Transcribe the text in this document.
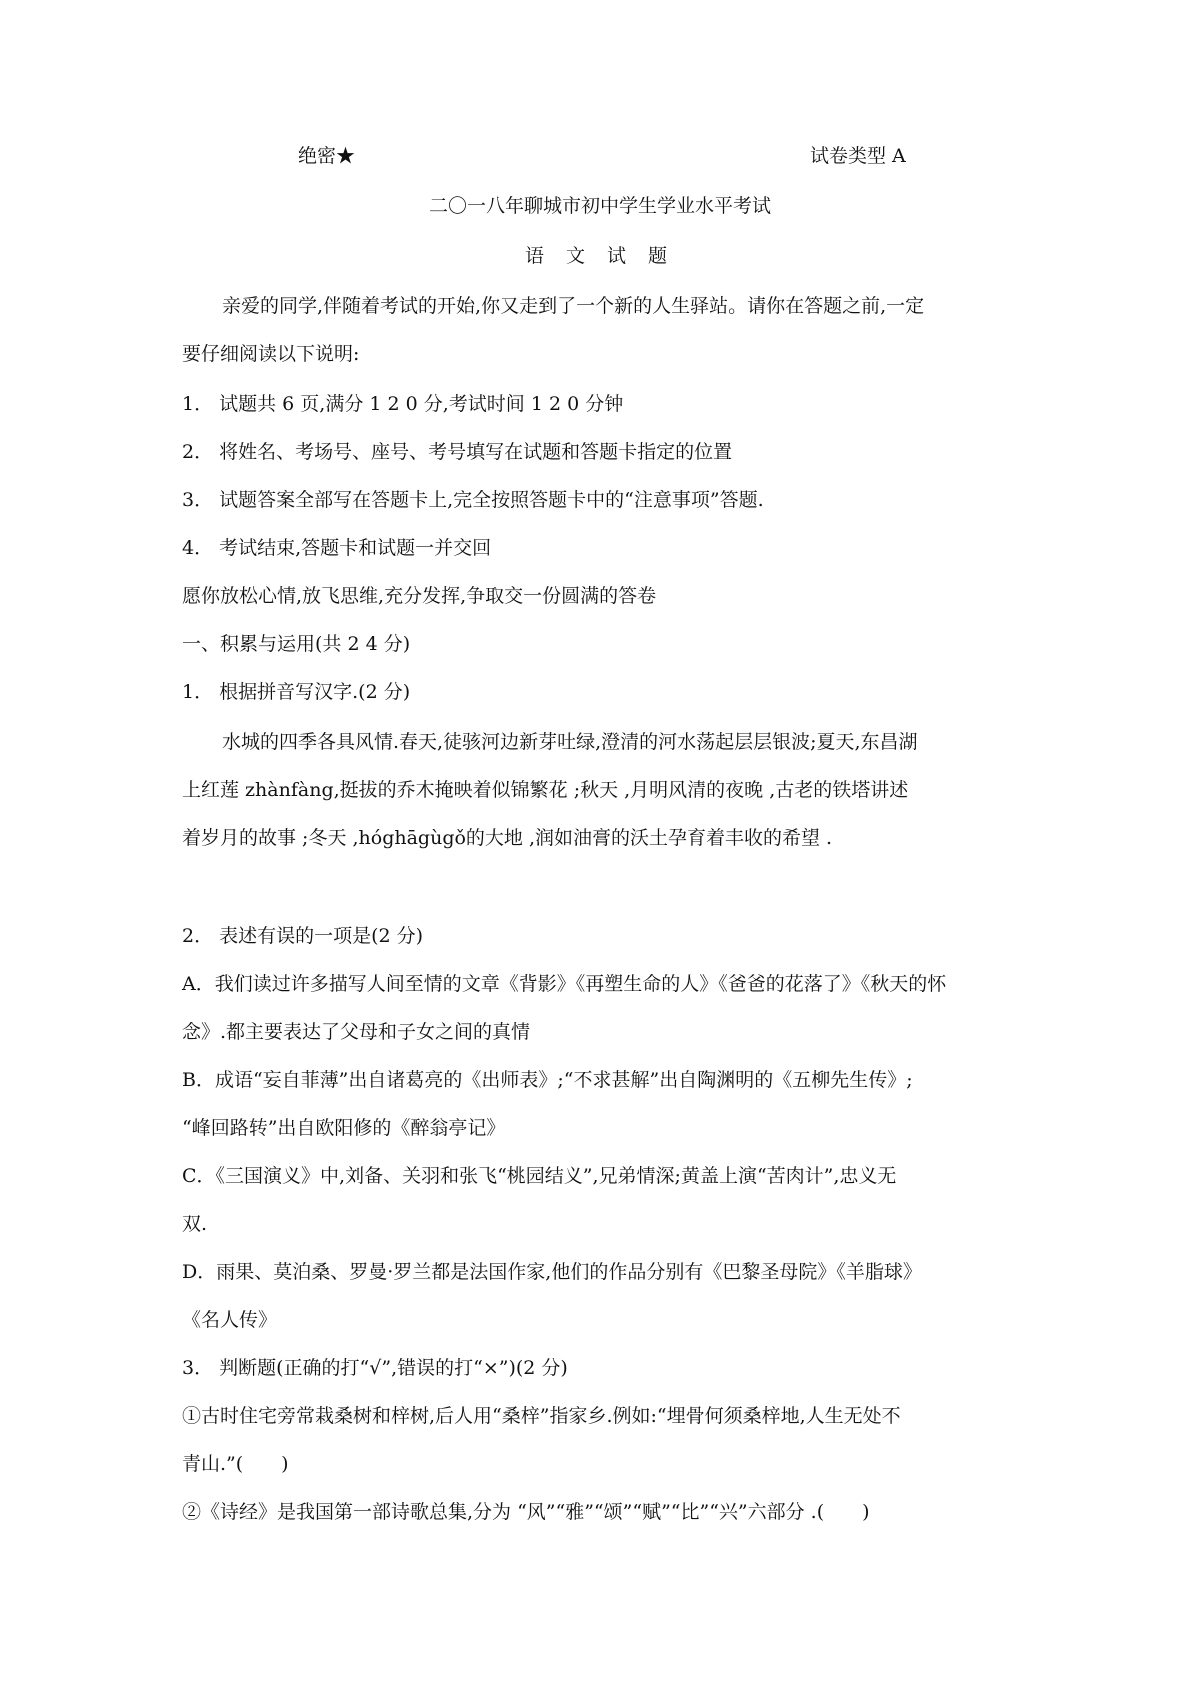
绝密★	试卷类型 A
二〇一八年聊城市初中学生学业水平考试
语 文 试 题
亲爱的同学,伴随着考试的开始,你又走到了一个新的人生驿站。请你在答题之前,一定
要仔细阅读以下说明:
1． 试题共 6 页,满分 1 2 0 分,考试时间 1 2 0 分钟
2． 将姓名、考场号、座号、考号填写在试题和答题卡指定的位置
3． 试题答案全部写在答题卡上,完全按照答题卡中的“注意事项”答题.
4． 考试结束,答题卡和试题一并交回
愿你放松心情,放飞思维,充分发挥,争取交一份圆满的答卷
一、积累与运用(共 2 4 分)
1． 根据拼音写汉字.(2 分)
水城的四季各具风情.春天,徒骇河边新芽吐绿,澄清的河水荡起层层银波;夏天,东昌湖
上红莲 zhànfàng,挺拔的乔木掩映着似锦繁花 ;秋天 ,月明风清的夜晚 ,古老的铁塔讲述
着岁月的故事 ;冬天 ,hóghāgùgǒ的大地 ,润如油膏的沃土孕育着丰收的希望 .
2． 表述有误的一项是(2 分)
A．我们读过许多描写人间至情的文章《背影》《再塑生命的人》《爸爸的花落了》《秋天的怀
念》.都主要表达了父母和子女之间的真情
B．成语“妄自菲薄”出自诸葛亮的《出师表》;“不求甚解”出自陶渊明的《五柳先生传》;
“峰回路转”出自欧阳修的《醉翁亭记》
C．《三国演义》中,刘备、关羽和张飞“桃园结义”,兄弟情深;黄盖上演“苦肉计”,忠义无
双.
D．雨果、莫泊桑、罗曼·罗兰都是法国作家,他们的作品分别有《巴黎圣母院》《羊脂球》
《名人传》
3． 判断题(正确的打“√”,错误的打“×”)(2 分)
①古时住宅旁常栽桑树和梓树,后人用“桑梓”指家乡.例如:“埋骨何须桑梓地,人生无处不
青山.”(　　)
②《诗经》是我国第一部诗歌总集,分为 “风”“雅”“颂”“赋”“比”“兴”六部分 .(　　)
